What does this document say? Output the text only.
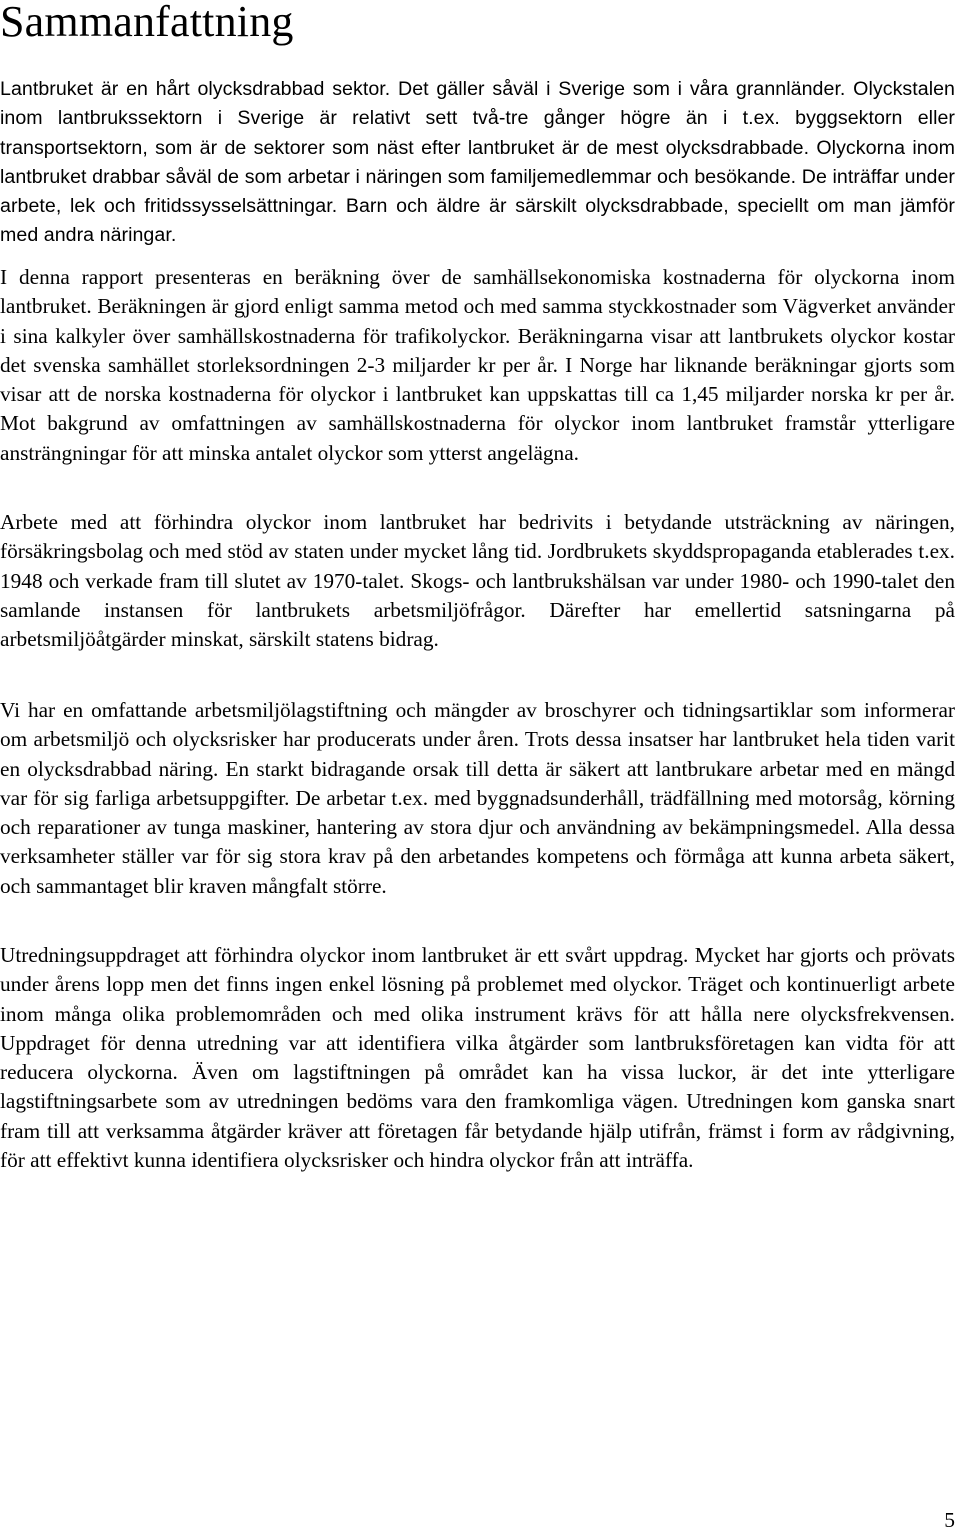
Sammanfattning

Lantbruket är en hårt olycksdrabbad sektor. Det gäller såväl i Sverige som i våra grannländer. Olyckstalen inom lantbrukssektorn i Sverige är relativt sett två-tre gånger högre än i t.ex. byggsektorn eller transportsektorn, som är de sektorer som näst efter lantbruket är de mest olycksdrabbade. Olyckorna inom lantbruket drabbar såväl de som arbetar i näringen som familjemedlemmar och besökande. De inträffar under arbete, lek och fritidssysselsättningar. Barn och äldre är särskilt olycksdrabbade, speciellt om man jämför med andra näringar.

I denna rapport presenteras en beräkning över de samhällsekonomiska kostnaderna för olyckorna inom lantbruket. Beräkningen är gjord enligt samma metod och med samma styckkostnader som Vägverket använder i sina kalkyler över samhällskostnaderna för trafikolyckor. Beräkningarna visar att lantbrukets olyckor kostar det svenska samhället storleksordningen 2-3 miljarder kr per år. I Norge har liknande beräkningar gjorts som visar att de norska kostnaderna för olyckor i lantbruket kan uppskattas till ca 1,45 miljarder norska kr per år. Mot bakgrund av omfattningen av samhällskostnaderna för olyckor inom lantbruket framstår ytterligare ansträngningar för att minska antalet olyckor som ytterst angelägna.

Arbete med att förhindra olyckor inom lantbruket har bedrivits i betydande utsträckning av näringen, försäkringsbolag och med stöd av staten under mycket lång tid. Jordbrukets skyddspropaganda etablerades t.ex. 1948 och verkade fram till slutet av 1970-talet. Skogs- och lantbrukshälsan var under 1980- och 1990-talet den samlande instansen för lantbrukets arbetsmiljöfrågor. Därefter har emellertid satsningarna på arbetsmiljöåtgärder minskat, särskilt statens bidrag.

Vi har en omfattande arbetsmiljölagstiftning och mängder av broschyrer och tidningsartiklar som informerar om arbetsmiljö och olycksrisker har producerats under åren. Trots dessa insatser har lantbruket hela tiden varit en olycksdrabbad näring. En starkt bidragande orsak till detta är säkert att lantbrukare arbetar med en mängd var för sig farliga arbetsuppgifter. De arbetar t.ex. med byggnadsunderhåll, trädfällning med motorsåg, körning och reparationer av tunga maskiner, hantering av stora djur och användning av bekämpningsmedel. Alla dessa verksamheter ställer var för sig stora krav på den arbetandes kompetens och förmåga att kunna arbeta säkert, och sammantaget blir kraven mångfalt större.

Utredningsuppdraget att förhindra olyckor inom lantbruket är ett svårt uppdrag. Mycket har gjorts och prövats under årens lopp men det finns ingen enkel lösning på problemet med olyckor. Träget och kontinuerligt arbete inom många olika problemområden och med olika instrument krävs för att hålla nere olycksfrekvensen. Uppdraget för denna utredning var att identifiera vilka åtgärder som lantbruksföretagen kan vidta för att reducera olyckorna. Även om lagstiftningen på området kan ha vissa luckor, är det inte ytterligare lagstiftningsarbete som av utredningen bedöms vara den framkomliga vägen. Utredningen kom ganska snart fram till att verksamma åtgärder kräver att företagen får betydande hjälp utifrån, främst i form av rådgivning, för att effektivt kunna identifiera olycksrisker och hindra olyckor från att inträffa.

5
